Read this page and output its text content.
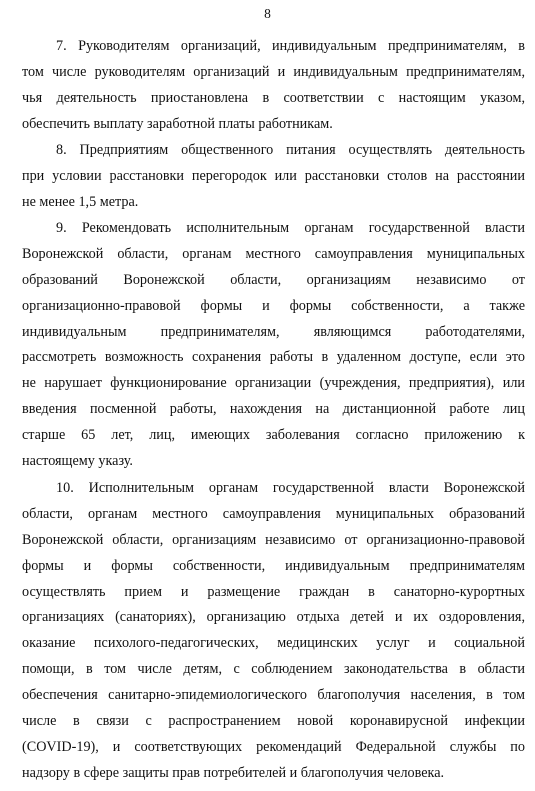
8
7. Руководителям организаций, индивидуальным предпринимателям, в
том числе руководителям организаций и индивидуальным предпринимателям,
чья деятельность приостановлена в соответствии с настоящим указом,
обеспечить выплату заработной платы работникам.
8. Предприятиям общественного питания осуществлять деятельность
при условии расстановки перегородок или расстановки столов на расстоянии
не менее 1,5 метра.
9. Рекомендовать исполнительным органам государственной власти
Воронежской области, органам местного самоуправления муниципальных
образований Воронежской области, организациям независимо от
организационно-правовой формы и формы собственности, а также
индивидуальным предпринимателям, являющимся работодателями,
рассмотреть возможность сохранения работы в удаленном доступе, если это
не нарушает функционирование организации (учреждения, предприятия), или
введения посменной работы, нахождения на дистанционной работе лиц
старше 65 лет, лиц, имеющих заболевания согласно приложению к
настоящему указу.
10. Исполнительным органам государственной власти Воронежской
области, органам местного самоуправления муниципальных образований
Воронежской области, организациям независимо от организационно-правовой
формы и формы собственности, индивидуальным предпринимателям
осуществлять прием и размещение граждан в санаторно-курортных
организациях (санаториях), организацию отдыха детей и их оздоровления,
оказание психолого-педагогических, медицинских услуг и социальной
помощи, в том числе детям, с соблюдением законодательства в области
обеспечения санитарно-эпидемиологического благополучия населения, в том
числе в связи с распространением новой коронавирусной инфекции
(COVID-19), и соответствующих рекомендаций Федеральной службы по
надзору в сфере защиты прав потребителей и благополучия человека.
